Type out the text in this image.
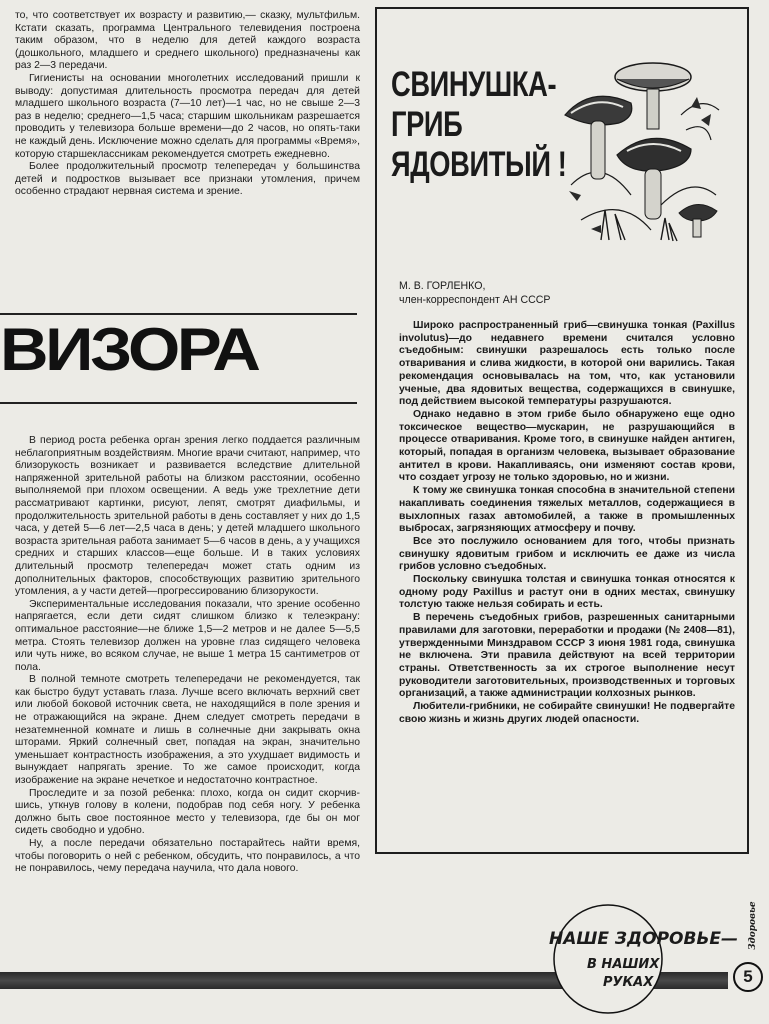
то, что соответствует их возрасту и развитию,— сказку, мультфильм. Кстати сказать, программа Центрального телевидения построена таким образом, что в неделю для детей каждого возраста (дошкольного, младшего и среднего школьного) предназначены как раз 2—3 передачи.

Гигиенисты на основании многолетних исследований пришли к выводу: допустимая длительность просмотра передач для детей младшего школьного возраста (7—10 лет)—1 час, но не свыше 2—3 раз в неделю; среднего—1,5 часа; старшим школьникам разрешается проводить у телевизора больше времени—до 2 часов, но опять-таки не каждый день. Исключение можно сделать для программы «Время», которую старшеклассникам рекомендуется смотреть ежедневно.

Более продолжительный просмотр телепередач у большинства детей и подростков вызывает все признаки утомления, причем особенно страдают нервная система и зрение.

ВИЗОРА

В период роста ребенка орган зрения легко поддается различным неблагоприятным воздействиям. Многие врачи считают, например, что близорукость возникает и развивается вследствие длительной напряженной зрительной работы на близком расстоянии, особенно выполняемой при плохом освещении. А ведь уже трехлетние дети рассматривают картинки, рисуют, лепят, смотрят диафильмы, и продолжительность зрительной работы в день составляет у них до 1,5 часа, у детей 5—6 лет—2,5 часа в день; у детей младшего школьного возраста зрительная работа занимает 5—6 часов в день, а у учащихся средних и старших классов—еще больше. И в таких условиях длительный просмотр телепередач может стать одним из дополнительных факторов, способствующих развитию зрительного утомления, а у части детей—прогрессированию близорукости.

Экспериментальные исследования показали, что зрение особенно напрягается, если дети сидят слишком близко к телеэкрану: оптимальное расстояние—не ближе 1,5—2 метров и не далее 5—5,5 метра. Стоять телевизор должен на уровне глаз сидящего человека или чуть ниже, во всяком случае, не выше 1 метра 15 сантиметров от пола.

В полной темноте смотреть телепередачи не рекомендуется, так как быстро будут уставать глаза. Лучше всего включать верхний свет или любой боковой источник света, не находящийся в поле зрения и не отражающийся на экране. Днем следует смотреть передачи в незатемненной комнате и лишь в солнечные дни закрывать окна шторами. Яркий солнечный свет, попадая на экран, значительно уменьшает контрастность изображения, а это ухудшает видимость и вынуждает напрягать зрение. То же самое происходит, когда изображение на экране нечеткое и недостаточно контрастное.

Проследите и за позой ребенка: плохо, когда он сидит скорчившись, уткнув голову в колени, подобрав под себя ногу. У ребенка должно быть свое постоянное место у телевизора, где бы он мог сидеть свободно и удобно.

Ну, а после передачи обязательно постарайтесь найти время, чтобы поговорить о ней с ребенком, обсудить, что понравилось, а что не понравилось, чему передача научила, что дала нового.

СВИНУШКА-
ГРИБ
ЯДОВИТЫЙ !
М. В. ГОРЛЕНКО,
член-корреспондент АН СССР

Широко распространенный гриб—свинушка тонкая (Paxillus involutus)—до недавнего времени считался условно съедобным: свинушки разрешалось есть только после отваривания и слива жидкости, в которой они варились. Такая рекомендация основывалась на том, что, как установили ученые, два ядовитых вещества, содержащихся в свинушке, под действием высокой температуры разрушаются.

Однако недавно в этом грибе было обнаружено еще одно токсическое вещество—мускарин, не разрушающийся в процессе отваривания. Кроме того, в свинушке найден антиген, который, попадая в организм человека, вызывает образование антител в крови. Накапливаясь, они изменяют состав крови, что создает угрозу не только здоровью, но и жизни.

К тому же свинушка тонкая способна в значительной степени накапливать соединения тяжелых металлов, содержащиеся в выхлопных газах автомобилей, а также в промышленных выбросах, загрязняющих атмосферу и почву.

Все это послужило основанием для того, чтобы признать свинушку ядовитым грибом и исключить ее даже из числа грибов условно съедобных.

Поскольку свинушка толстая и свинушка тонкая относятся к одному роду Paxillus и растут они в одних местах, свинушку толстую также нельзя собирать и есть.

В перечень съедобных грибов, разрешенных санитарными правилами для заготовки, переработки и продажи (№ 2408—81), утвержденными Минздравом СССР 3 июня 1981 года, свинушка не включена. Эти правила действуют на всей территории страны. Ответственность за их строгое выполнение несут руководители заготовительных, производственных и торговых организаций, а также администрации колхозных рынков.

Любители-грибники, не собирайте свинушки! Не подвергайте свою жизнь и жизнь других людей опасности.

НАШЕ ЗДОРОВЬЕ—
В НАШИХ
РУКАХ
Здоровье
5
